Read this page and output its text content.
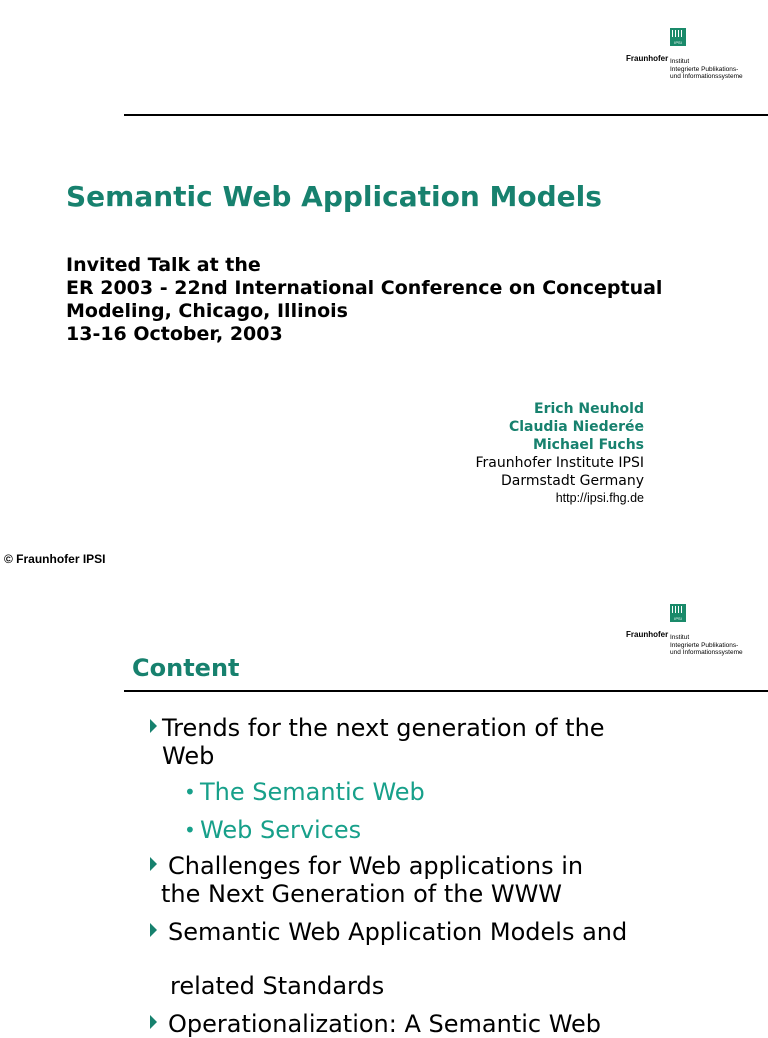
IPSI
Fraunhofer Institut
Integrierte Publikations-
und Informationssysteme
Semantic Web Application Models
Invited Talk at the
ER 2003 - 22nd International Conference on Conceptual
Modeling, Chicago, Illinois
13-16 October, 2003
Erich Neuhold
Claudia Niederée
Michael Fuchs
Fraunhofer Institute IPSI
Darmstadt Germany
http://ipsi.fhg.de
© Fraunhofer IPSI
IPSI
Fraunhofer Institut
Integrierte Publikations-
und Informationssysteme
Content
Trends for the next generation of the
Web
• The Semantic Web
• Web Services
Challenges for Web applications in
the Next Generation of the WWW
Semantic Web Application Models and
related Standards
Operationalization: A Semantic Web
